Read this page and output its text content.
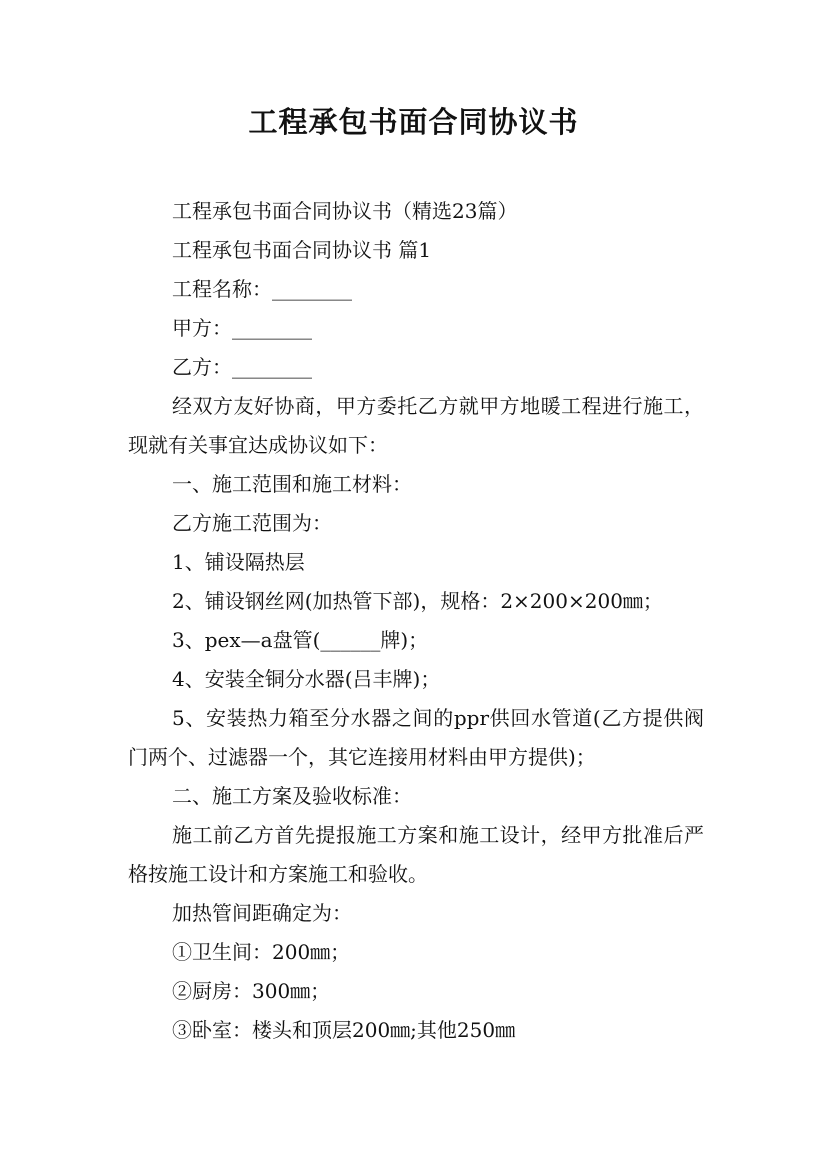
工程承包书面合同协议书

工程承包书面合同协议书（精选23篇）

工程承包书面合同协议书 篇1

工程名称：________

甲方：________

乙方：________

经双方友好协商，甲方委托乙方就甲方地暖工程进行施工，现就有关事宜达成协议如下：

一、施工范围和施工材料：

乙方施工范围为：

1、铺设隔热层

2、铺设钢丝网(加热管下部)，规格：2×200×200㎜；

3、pex—a盘管(______牌)；

4、安装全铜分水器(吕丰牌)；

5、安装热力箱至分水器之间的ppr供回水管道(乙方提供阀门两个、过滤器一个，其它连接用材料由甲方提供)；

二、施工方案及验收标准：

施工前乙方首先提报施工方案和施工设计，经甲方批准后严格按施工设计和方案施工和验收。

加热管间距确定为：

①卫生间：200㎜；

②厨房：300㎜；

③卧室：楼头和顶层200㎜;其他250㎜
